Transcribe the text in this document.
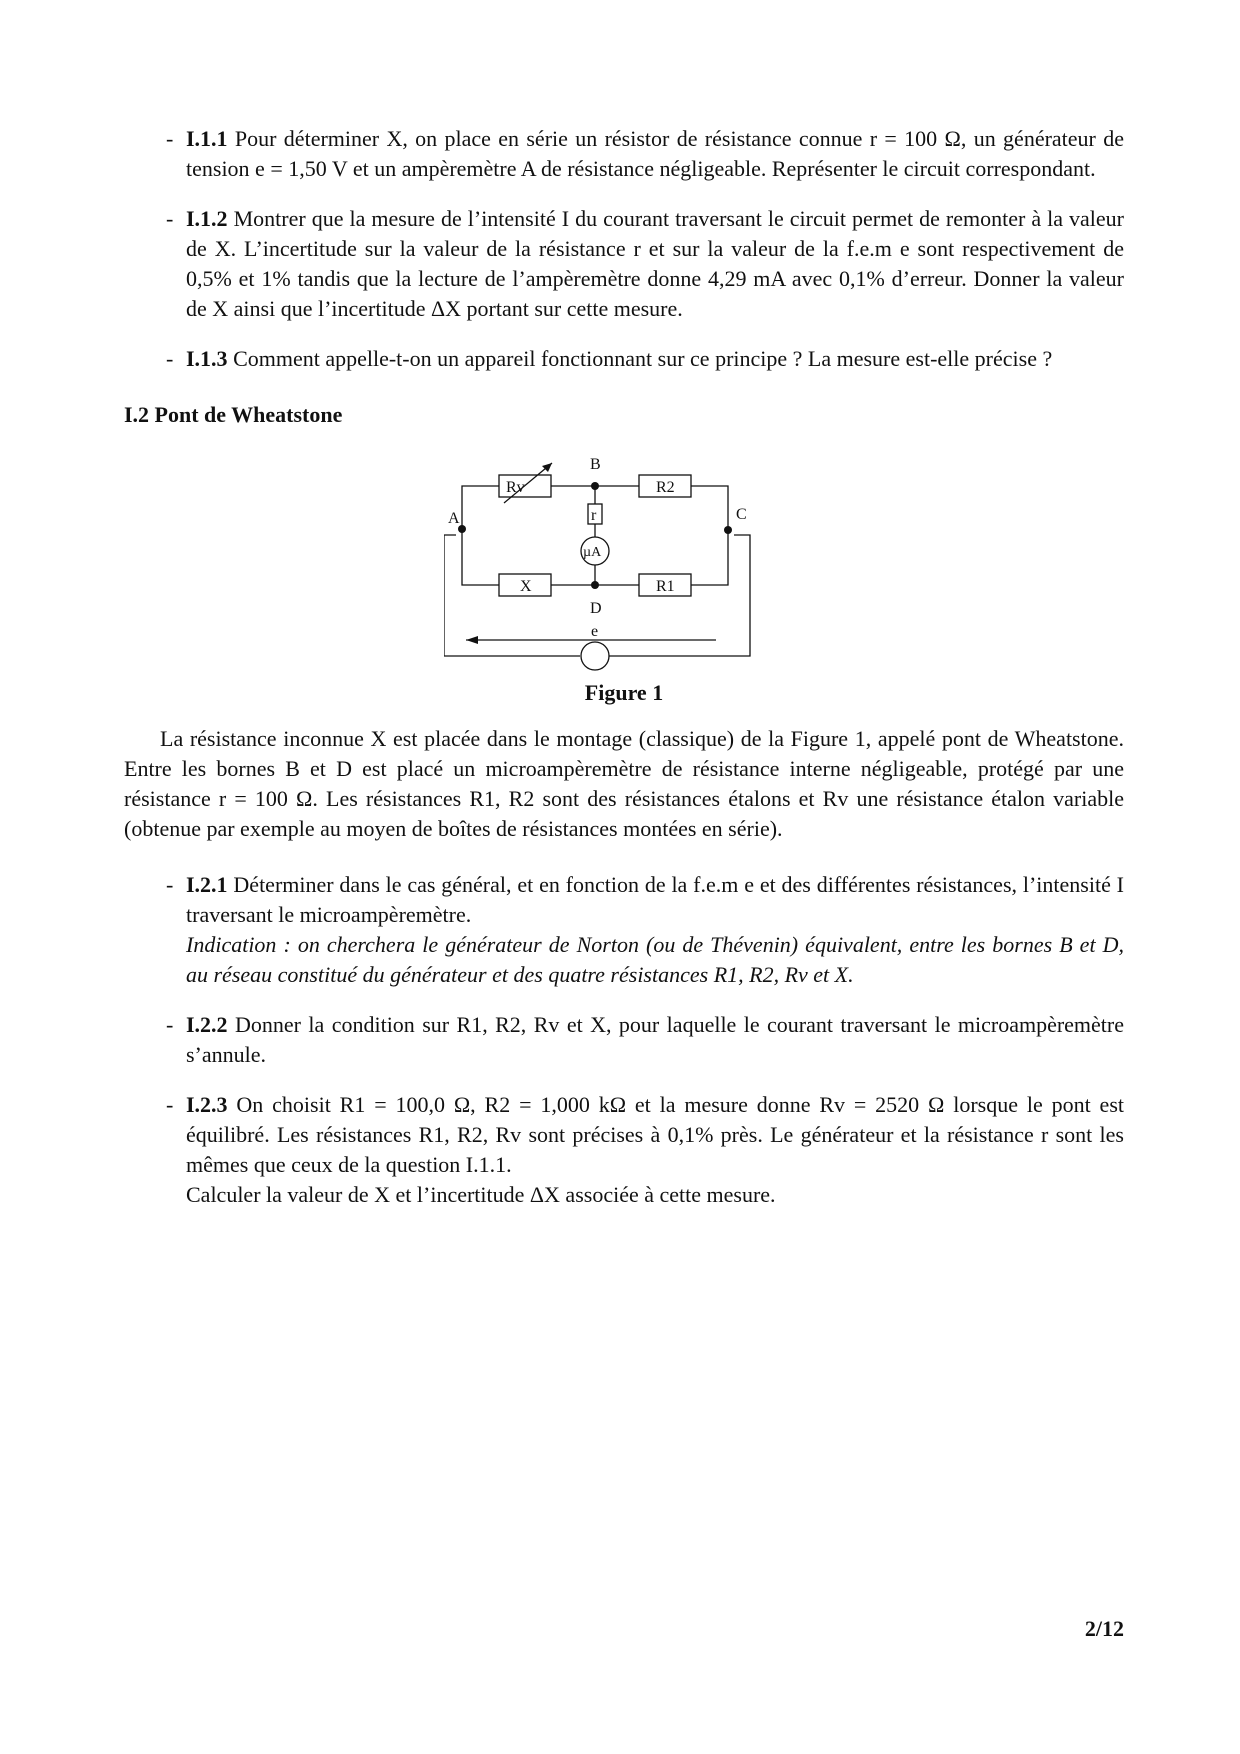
- I.1.1 Pour déterminer X, on place en série un résistor de résistance connue r = 100 Ω, un générateur de tension e = 1,50 V et un ampèremètre A de résistance négligeable. Représenter le circuit correspondant.
- I.1.2 Montrer que la mesure de l’intensité I du courant traversant le circuit permet de remonter à la valeur de X. L’incertitude sur la valeur de la résistance r et sur la valeur de la f.e.m e sont respectivement de 0,5% et 1% tandis que la lecture de l’ampèremètre donne 4,29 mA avec 0,1% d’erreur. Donner la valeur de X ainsi que l’incertitude ΔX portant sur cette mesure.
- I.1.3 Comment appelle-t-on un appareil fonctionnant sur ce principe ? La mesure est-elle précise ?
I.2 Pont de Wheatstone
A
B
C
D
Rv	R2
R1
X
r
µA
e
Figure 1
La résistance inconnue X est placée dans le montage (classique) de la Figure 1, appelé pont de Wheatstone. Entre les bornes B et D est placé un microampèremètre de résistance interne négligeable, protégé par une résistance r = 100 Ω. Les résistances R1, R2 sont des résistances étalons et Rv une résistance étalon variable (obtenue par exemple au moyen de boîtes de résistances montées en série).
- I.2.1 Déterminer dans le cas général, et en fonction de la f.e.m e et des différentes résistances, l’intensité I traversant le microampèremètre.
Indication : on cherchera le générateur de Norton (ou de Thévenin) équivalent, entre les bornes B et D, au réseau constitué du générateur et des quatre résistances R1, R2, Rv et X.
- I.2.2 Donner la condition sur R1, R2, Rv et X, pour laquelle le courant traversant le microampèremètre s’annule.
- I.2.3 On choisit R1 = 100,0 Ω, R2 = 1,000 kΩ et la mesure donne Rv = 2520 Ω lorsque le pont est équilibré. Les résistances R1, R2, Rv sont précises à 0,1% près. Le générateur et la résistance r sont les mêmes que ceux de la question I.1.1.
Calculer la valeur de X et l’incertitude ΔX associée à cette mesure.
2/12
